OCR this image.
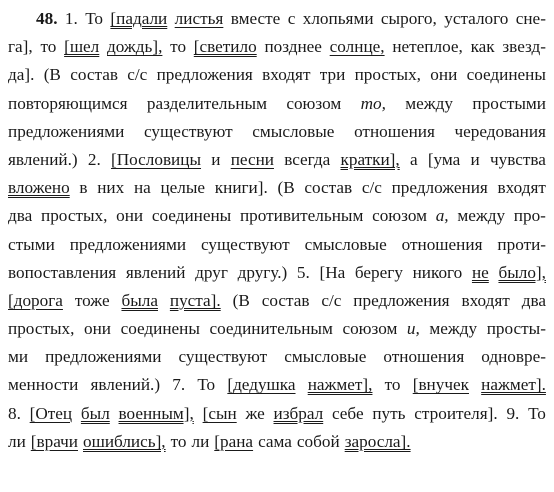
48. 1. То [падали листья вместе с хлопьями сырого, усталого сне-
га], то [шел дождь], то [светило позднее солнце, нетеплое, как звезд-
да]. (В состав с/с предложения входят три простых, они соединены
повторяющимся разделительным союзом то, между простыми
предложениями существуют смысловые отношения чередования
явлений.) 2. [Пословицы и песни всегда кратки], а [ума и чувства
вложено в них на целые книги]. (В состав с/с предложения входят
два простых, они соединены противительным союзом а, между про-
стыми предложениями существуют смысловые отношения проти-
вопоставления явлений друг другу.) 5. [На берегу никого не было],
[дорога тоже была пуста]. (В состав с/с предложения входят два
простых, они соединены соединительным союзом и, между просты-
ми предложениями существуют смысловые отношения одновре-
менности явлений.) 7. То [дедушка нажмет], то [внучек нажмет].
8. [Отец был военным], [сын же избрал себе путь строителя]. 9. То
ли [врачи ошиблись], то ли [рана сама собой заросла].
